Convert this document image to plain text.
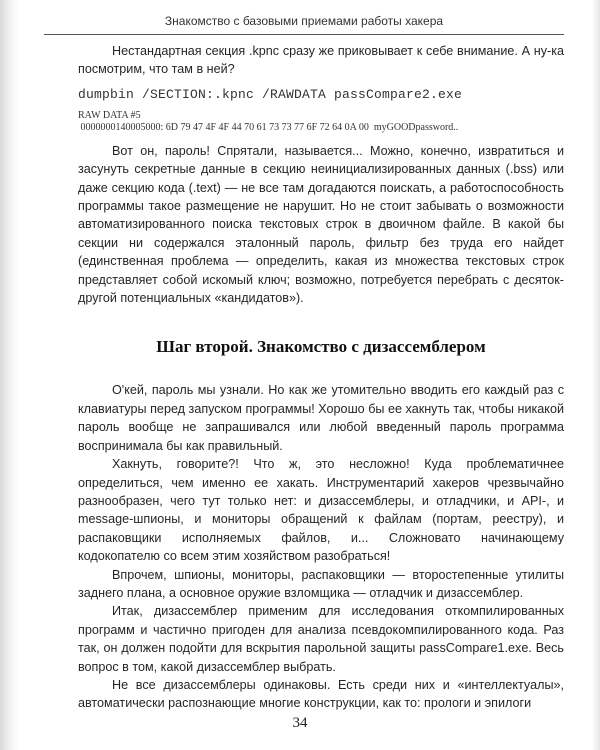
Знакомство с базовыми приемами работы хакера

Нестандартная секция .kpnc сразу же приковывает к себе внимание. А ну-ка посмотрим, что там в ней?

dumpbin /SECTION:.kpnc /RAWDATA passCompare2.exe
RAW DATA #5
0000000140005000: 6D 79 47 4F 4F 44 70 61 73 73 77 6F 72 64 0A 00  myGOODpassword..

Вот он, пароль! Спрятали, называется... Можно, конечно, извратиться и засунуть секретные данные в секцию неинициализированных данных (.bss) или даже секцию кода (.text) — не все там догадаются поискать, а работоспособность программы такое размещение не нарушит. Но не стоит забывать о возможности автоматизированного поиска текстовых строк в двоичном файле. В какой бы секции ни содержался эталонный пароль, фильтр без труда его найдет (единственная проблема — определить, какая из множества текстовых строк представляет собой искомый ключ; возможно, потребуется перебрать с десяток-другой потенциальных «кандидатов»).

Шаг второй. Знакомство с дизассемблером

О'кей, пароль мы узнали. Но как же утомительно вводить его каждый раз с клавиатуры перед запуском программы! Хорошо бы ее хакнуть так, чтобы никакой пароль вообще не запрашивался или любой введенный пароль программа воспринимала бы как правильный.

Хакнуть, говорите?! Что ж, это несложно! Куда проблематичнее определиться, чем именно ее хакать. Инструментарий хакеров чрезвычайно разнообразен, чего тут только нет: и дизассемблеры, и отладчики, и API-, и message-шпионы, и мониторы обращений к файлам (портам, реестру), и распаковщики исполняемых файлов, и... Сложновато начинающему кодокопателю со всем этим хозяйством разобраться!

Впрочем, шпионы, мониторы, распаковщики — второстепенные утилиты заднего плана, а основное оружие взломщика — отладчик и дизассемблер.

Итак, дизассемблер применим для исследования откомпилированных программ и частично пригоден для анализа псевдокомпилированного кода. Раз так, он должен подойти для вскрытия парольной защиты passCompare1.exe. Весь вопрос в том, какой дизассемблер выбрать.

Не все дизассемблеры одинаковы. Есть среди них и «интеллектуалы», автоматически распознающие многие конструкции, как то: прологи и эпилоги

34
